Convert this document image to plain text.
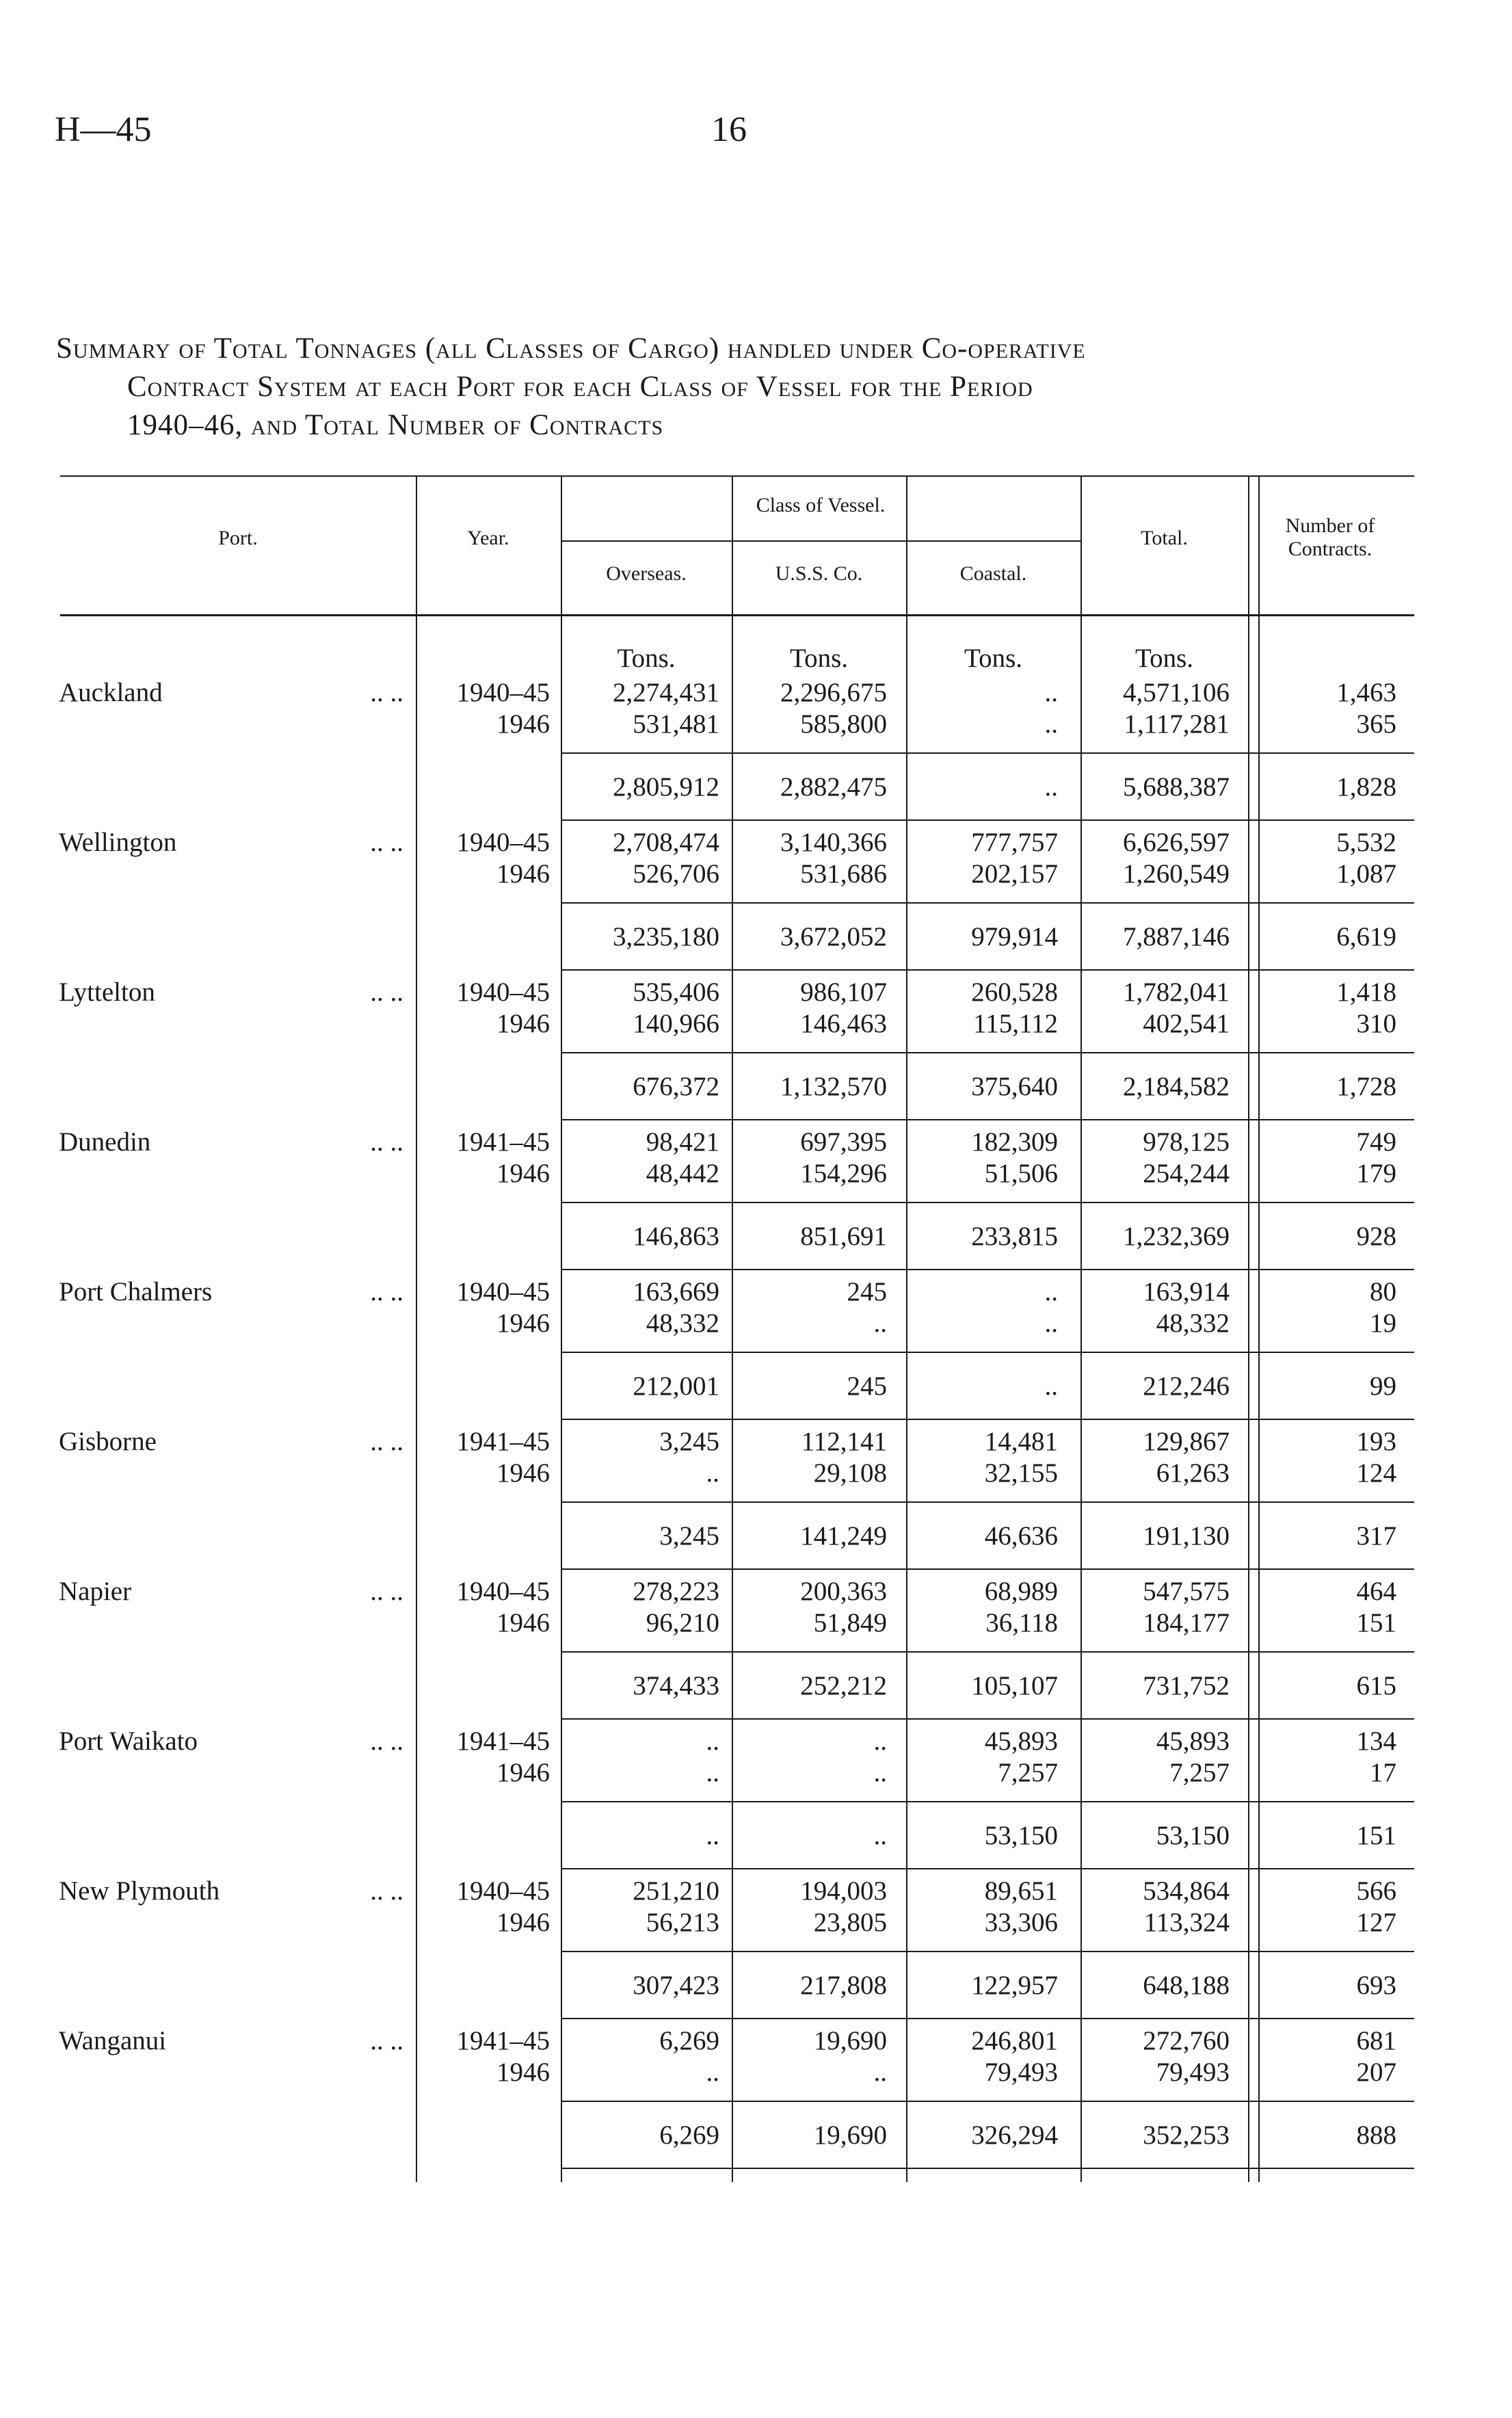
H—45	16
Summary of Total Tonnages (all Classes of Cargo) handled under Co-operative
Contract System at each Port for each Class of Vessel for the Period
1940–46, and Total Number of Contracts
Port.	Year.
Class of Vessel.
Overseas.	U.S.S. Co.	Coastal.
Total.
Number of Contracts.
Tons.	Tons.	Tons.	Tons.
Auckland	.. ..	1940–45	2,274,431	2,296,675	..	4,571,106	1,463
1946	531,481	585,800	..	1,117,281	365
2,805,912	2,882,475	..	5,688,387	1,828
Wellington	.. ..	1940–45	2,708,474	3,140,366	777,757	6,626,597	5,532
1946	526,706	531,686	202,157	1,260,549	1,087
3,235,180	3,672,052	979,914	7,887,146	6,619
Lyttelton	.. ..	1940–45	535,406	986,107	260,528	1,782,041	1,418
1946	140,966	146,463	115,112	402,541	310
676,372	1,132,570	375,640	2,184,582	1,728
Dunedin	.. ..	1941–45	98,421	697,395	182,309	978,125	749
1946	48,442	154,296	51,506	254,244	179
146,863	851,691	233,815	1,232,369	928
Port Chalmers	.. ..	1940–45	163,669	245	..	163,914	80
1946	48,332	..	..	48,332	19
212,001	245	..	212,246	99
Gisborne	.. ..	1941–45	3,245	112,141	14,481	129,867	193
1946	..	29,108	32,155	61,263	124
3,245	141,249	46,636	191,130	317
Napier	.. ..	1940–45	278,223	200,363	68,989	547,575	464
1946	96,210	51,849	36,118	184,177	151
374,433	252,212	105,107	731,752	615
Port Waikato	.. ..	1941–45	..	..	45,893	45,893	134
1946	..	..	7,257	7,257	17
..	..	53,150	53,150	151
New Plymouth	.. ..	1940–45	251,210	194,003	89,651	534,864	566
1946	56,213	23,805	33,306	113,324	127
307,423	217,808	122,957	648,188	693
Wanganui	.. ..	1941–45	6,269	19,690	246,801	272,760	681
1946	..	..	79,493	79,493	207
6,269	19,690	326,294	352,253	888
